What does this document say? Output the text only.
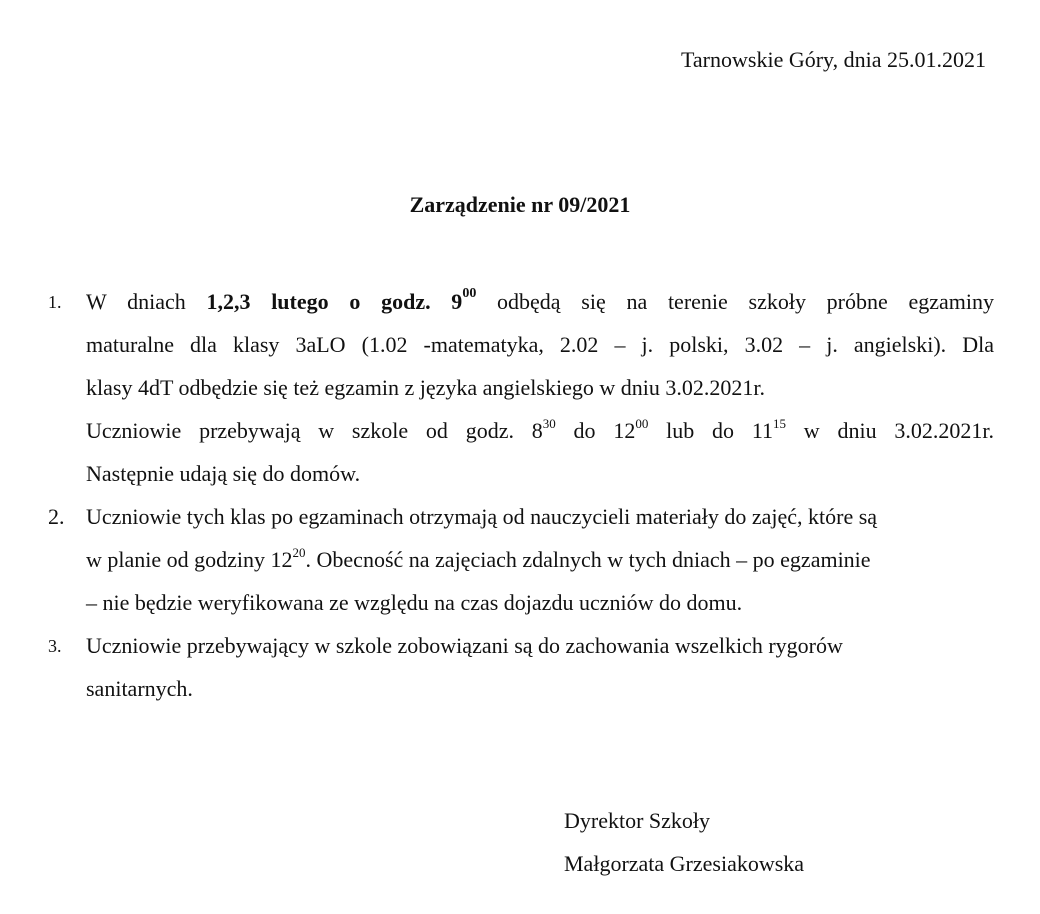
Tarnowskie Góry, dnia 25.01.2021
Zarządzenie nr 09/2021
1. W dniach 1,2,3 lutego o godz. $9^{00}$ odbędą się na terenie szkoły próbne egzaminy
maturalne dla klasy 3aLO (1.02 -matematyka, 2.02 – j. polski, 3.02 – j. angielski). Dla
klasy 4dT odbędzie się też egzamin z języka angielskiego w dniu 3.02.2021r.
Uczniowie przebywają w szkole od godz. $8^{30}$ do $12^{00}$ lub do $11^{15}$ w dniu 3.02.2021r.
Następnie udają się do domów.
2. Uczniowie tych klas po egzaminach otrzymają od nauczycieli materiały do zajęć, które są
w planie od godziny $12^{20}$. Obecność na zajęciach zdalnych w tych dniach – po egzaminie
– nie będzie weryfikowana ze względu na czas dojazdu uczniów do domu.
3. Uczniowie przebywający w szkole zobowiązani są do zachowania wszelkich rygorów
sanitarnych.
Dyrektor Szkoły
Małgorzata Grzesiakowska
